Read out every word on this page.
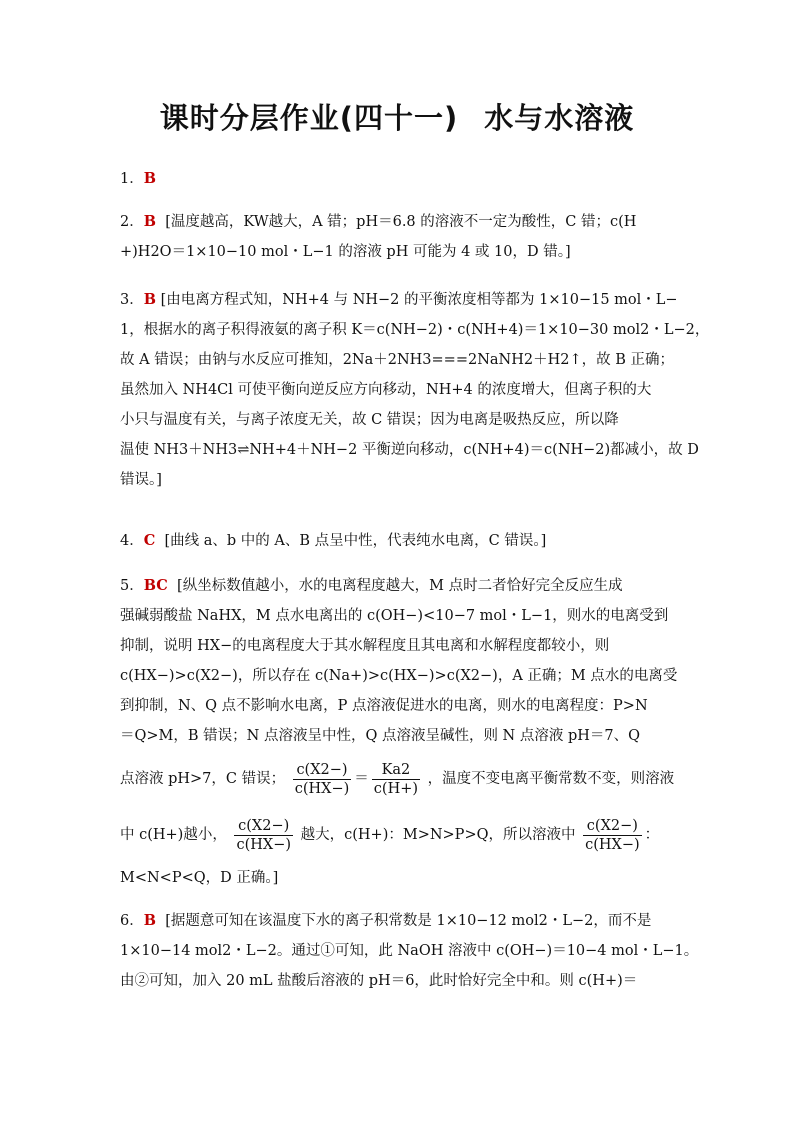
课时分层作业(四十一) 水与水溶液

1．B

2．B [温度越高，KW越大，A 错；pH＝6.8 的溶液不一定为酸性，C 错；c(H

+)H2O＝1×10−10 mol・L−1 的溶液 pH 可能为 4 或 10，D 错。]

3．B [由电离方程式知，NH+4 与 NH−2 的平衡浓度相等都为 1×10−15 mol・L−

1，根据水的离子积得液氨的离子积 K＝c(NH−2)・c(NH+4)＝1×10−30 mol2・L−2，

故 A 错误；由钠与水反应可推知，2Na＋2NH3===2NaNH2＋H2↑，故 B 正确；

虽然加入 NH4Cl 可使平衡向逆反应方向移动，NH+4 的浓度增大，但离子积的大

小只与温度有关，与离子浓度无关，故 C 错误；因为电离是吸热反应，所以降

温使 NH3＋NH3⇌NH+4＋NH−2 平衡逆向移动，c(NH+4)＝c(NH−2)都减小，故 D

错误。]

4．C [曲线 a、b 中的 A、B 点呈中性，代表纯水电离，C 错误。]

5．BC [纵坐标数值越小，水的电离程度越大，M 点时二者恰好完全反应生成

强碱弱酸盐 NaHX，M 点水电离出的 c(OH−)<10−7 mol・L−1，则水的电离受到

抑制，说明 HX−的电离程度大于其水解程度且其电离和水解程度都较小，则

c(HX−)>c(X2−)，所以存在 c(Na+)>c(HX−)>c(X2−)，A 正确；M 点水的电离受

到抑制，N、Q 点不影响水电离，P 点溶液促进水的电离，则水的电离程度：P>N

＝Q>M，B 错误；N 点溶液呈中性，Q 点溶液呈碱性，则 N 点溶液 pH＝7、Q

点溶液 pH>7，C 错误； $\frac{c(X2-)}{c(HX-)} = \frac{Ka2}{c(H+)}$ ，温度不变电离平衡常数不变，则溶液

中 c(H+)越小， $\frac{c(X2-)}{c(HX-)}$ 越大，c(H+)：M>N>P>Q，所以溶液中 $\frac{c(X2-)}{c(HX-)}$ ：

M<N<P<Q，D 正确。]

6．B [据题意可知在该温度下水的离子积常数是 1×10−12 mol2・L−2，而不是

1×10−14 mol2・L−2。通过①可知，此 NaOH 溶液中 c(OH−)＝10−4 mol・L−1。

由②可知，加入 20 mL 盐酸后溶液的 pH＝6，此时恰好完全中和。则 c(H+)＝
